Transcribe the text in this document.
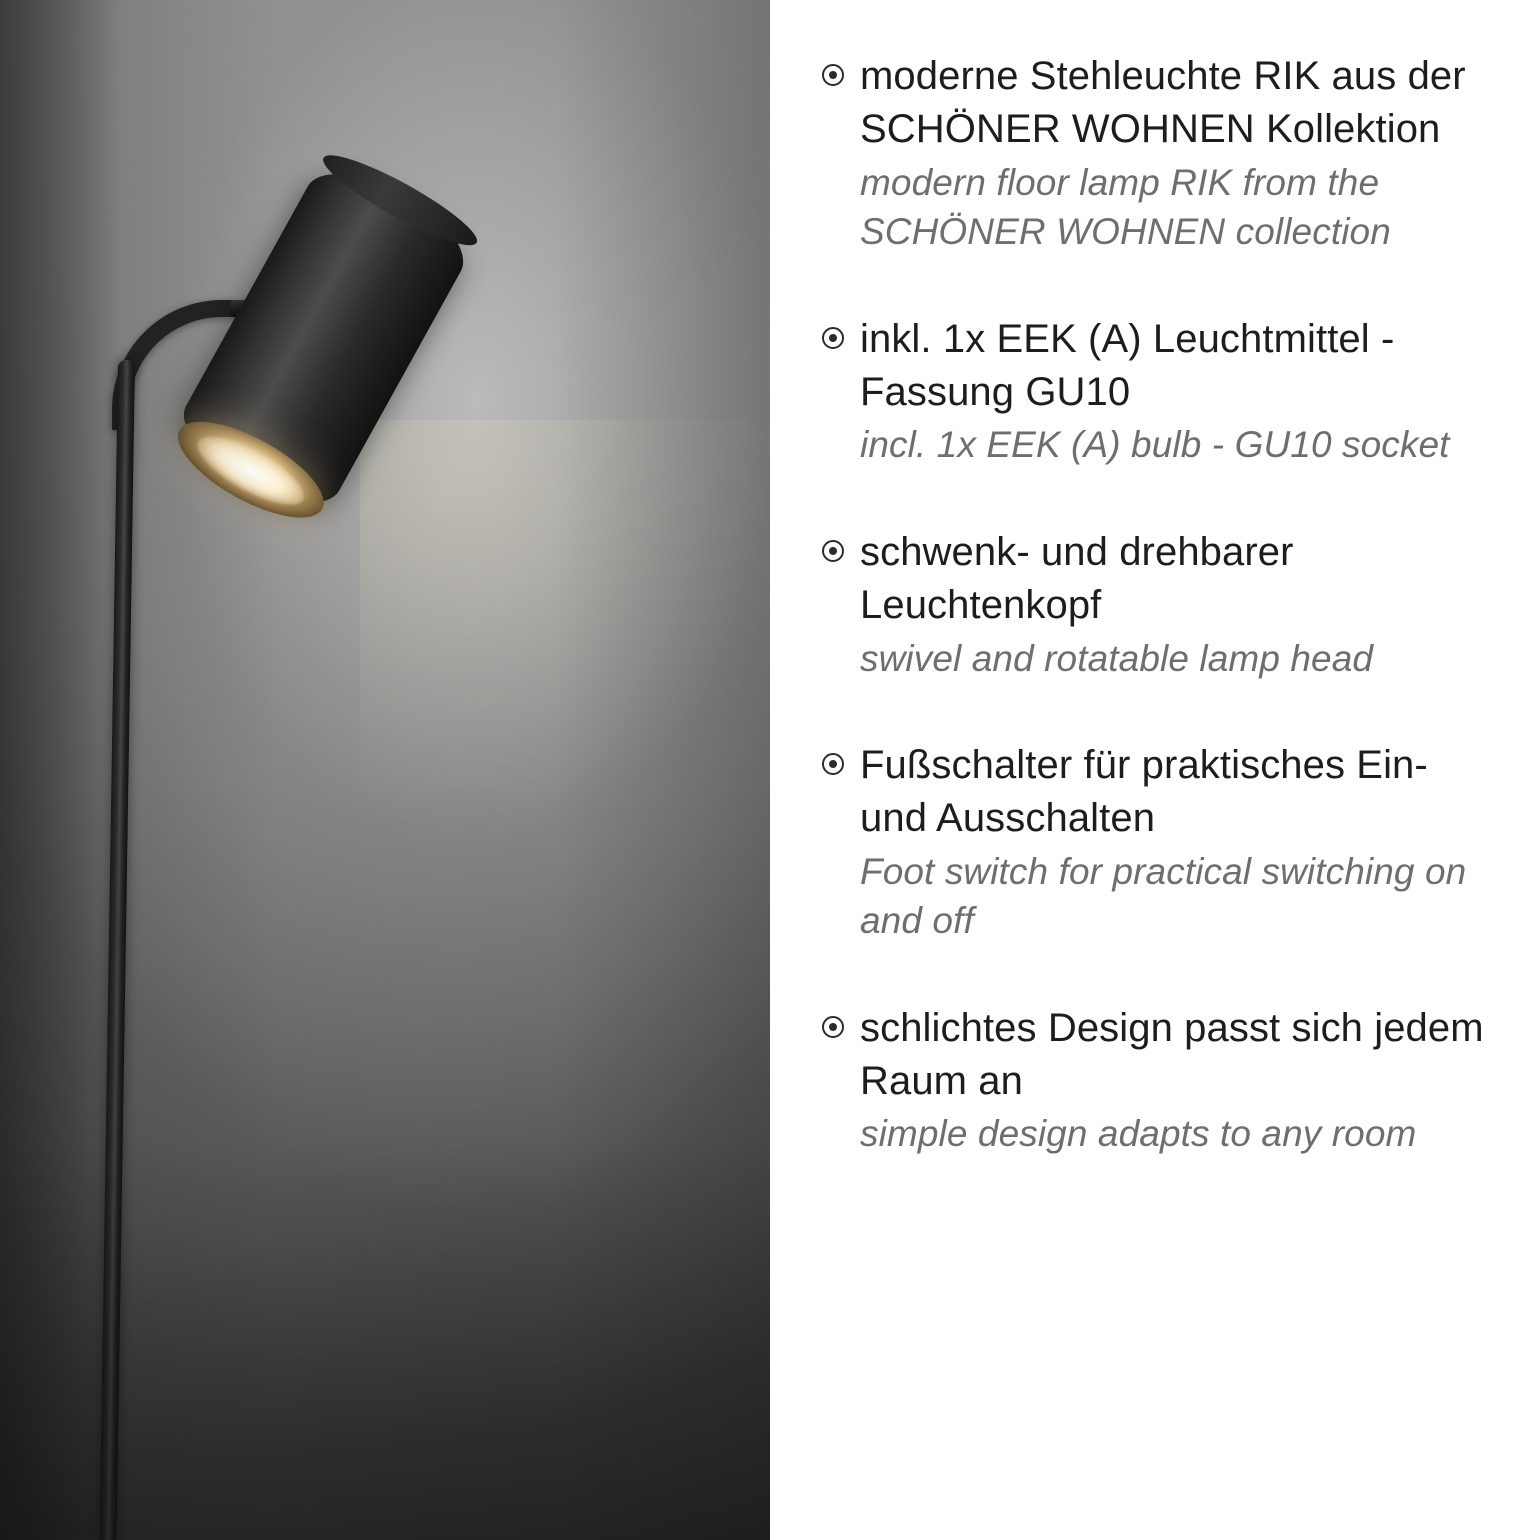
moderne Stehleuchte RIK aus der SCHÖNER WOHNEN Kollektion
modern floor lamp RIK from the SCHÖNER WOHNEN collection
inkl. 1x EEK (A) Leuchtmittel - Fassung GU10
incl. 1x EEK (A) bulb - GU10 socket
schwenk- und drehbarer Leuchtenkopf
swivel and rotatable lamp head
Fußschalter für praktisches Ein- und Ausschalten
Foot switch for practical switching on and off
schlichtes Design passt sich jedem Raum an
simple design adapts to any room
